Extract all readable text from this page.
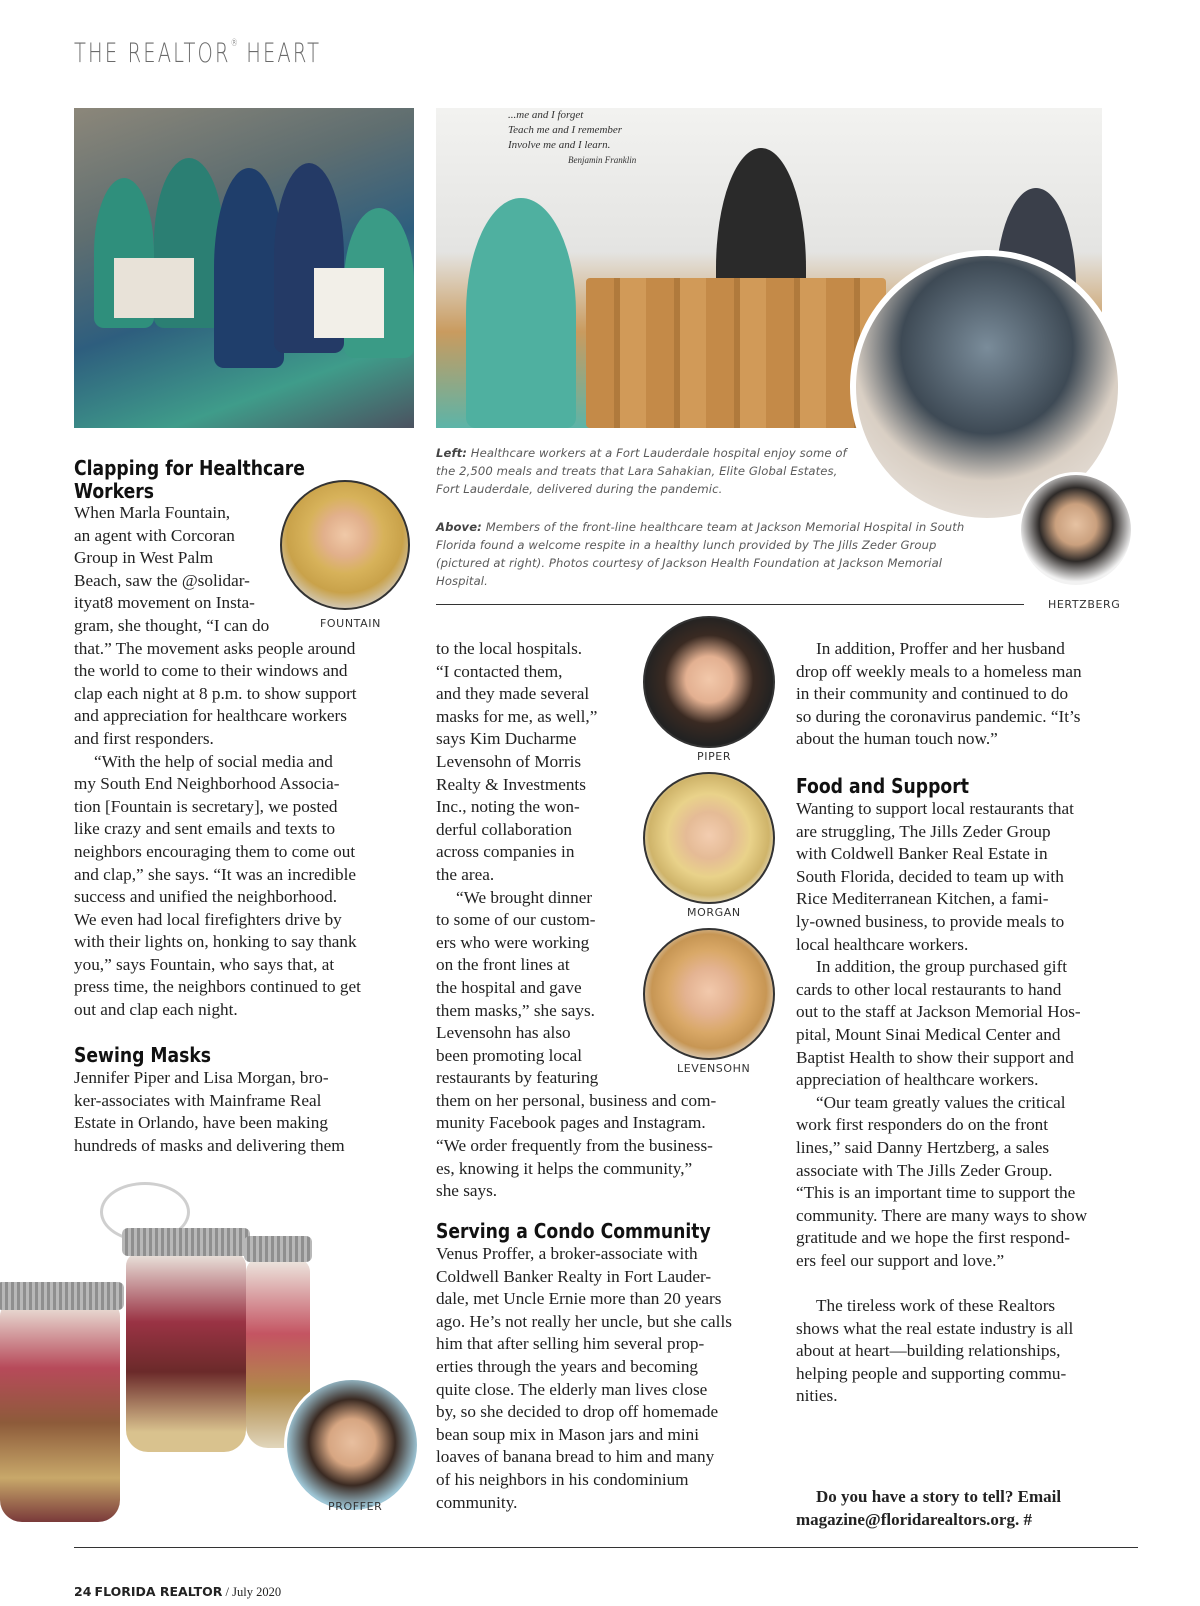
THE REALTOR® HEART
...me and I forget
Teach me and I remember
Involve me and I learn.
Benjamin Franklin
HERTZBERG
Left: Healthcare workers at a Fort Lauderdale hospital enjoy some of the 2,500 meals and treats that Lara Sahakian, Elite Global Estates, Fort Lauderdale, delivered during the pandemic.
Above: Members of the front-line healthcare team at Jackson Memorial Hospital in South Florida found a welcome respite in a healthy lunch provided by The Jills Zeder Group (pictured at right). Photos courtesy of Jackson Health Foundation at Jackson Memorial Hospital.
Clapping for Healthcare Workers
FOUNTAIN
When Marla Fountain,
an agent with Corcoran
Group in West Palm
Beach, saw the @solidar-
ityat8 movement on Insta-
gram, she thought, “I can do
that.” The movement asks people around
the world to come to their windows and
clap each night at 8 p.m. to show support
and appreciation for healthcare workers
and first responders.
“With the help of social media and
my South End Neighborhood Associa-
tion [Fountain is secretary], we posted
like crazy and sent emails and texts to
neighbors encouraging them to come out
and clap,” she says. “It was an incredible
success and unified the neighborhood.
We even had local firefighters drive by
with their lights on, honking to say thank
you,” says Fountain, who says that, at
press time, the neighbors continued to get
out and clap each night.
Sewing Masks
Jennifer Piper and Lisa Morgan, bro-
ker-associates with Mainframe Real
Estate in Orlando, have been making
hundreds of masks and delivering them
PROFFER
to the local hospitals.
“I contacted them,
and they made several
masks for me, as well,”
says Kim Ducharme
Levensohn of Morris
Realty & Investments
Inc., noting the won-
derful collaboration
across companies in
the area.
“We brought dinner
to some of our custom-
ers who were working
on the front lines at
the hospital and gave
them masks,” she says.
Levensohn has also
been promoting local
restaurants by featuring
them on her personal, business and com-
munity Facebook pages and Instagram.
“We order frequently from the business-
es, knowing it helps the community,”
she says.
PIPER
MORGAN
LEVENSOHN
Serving a Condo Community
Venus Proffer, a broker-associate with
Coldwell Banker Realty in Fort Lauder-
dale, met Uncle Ernie more than 20 years
ago. He’s not really her uncle, but she calls
him that after selling him several prop-
erties through the years and becoming
quite close. The elderly man lives close
by, so she decided to drop off homemade
bean soup mix in Mason jars and mini
loaves of banana bread to him and many
of his neighbors in his condominium
community.
In addition, Proffer and her husband
drop off weekly meals to a homeless man
in their community and continued to do
so during the coronavirus pandemic. “It’s
about the human touch now.”
Food and Support
Wanting to support local restaurants that
are struggling, The Jills Zeder Group
with Coldwell Banker Real Estate in
South Florida, decided to team up with
Rice Mediterranean Kitchen, a fami-
ly-owned business, to provide meals to
local healthcare workers.
In addition, the group purchased gift
cards to other local restaurants to hand
out to the staff at Jackson Memorial Hos-
pital, Mount Sinai Medical Center and
Baptist Health to show their support and
appreciation of healthcare workers.
“Our team greatly values the critical
work first responders do on the front
lines,” said Danny Hertzberg, a sales
associate with The Jills Zeder Group.
“This is an important time to support the
community. There are many ways to show
gratitude and we hope the first respond-
ers feel our support and love.”
The tireless work of these Realtors
shows what the real estate industry is all
about at heart—building relationships,
helping people and supporting commu-
nities.
Do you have a story to tell? Email
magazine@floridarealtors.org. #
24 FLORIDA REALTOR / July 2020
